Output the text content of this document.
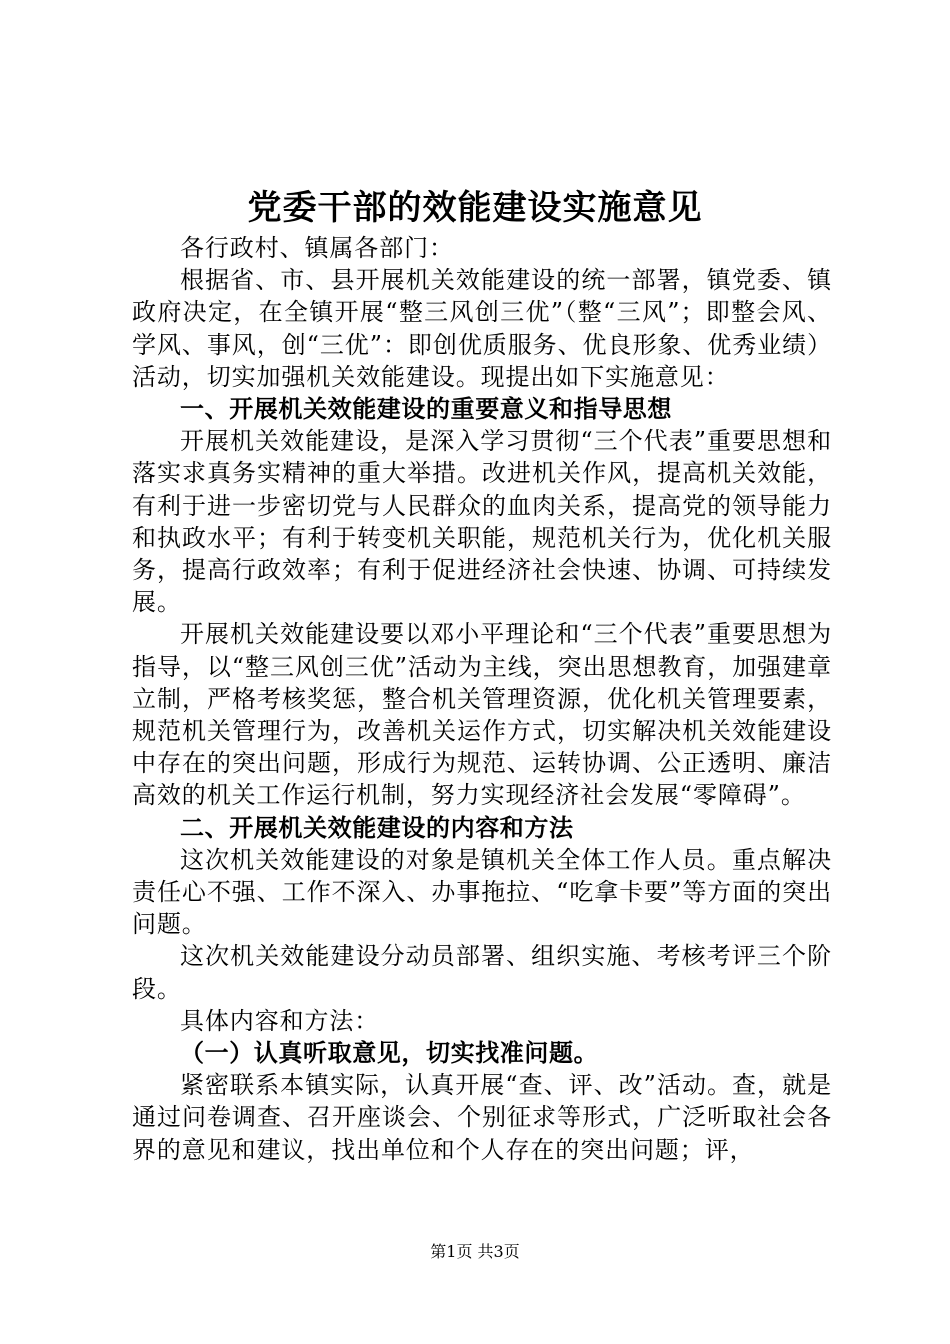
党委干部的效能建设实施意见

各行政村、镇属各部门：

根据省、市、县开展机关效能建设的统一部署，镇党委、镇政府决定，在全镇开展“整三风创三优”（整“三风”；即整会风、学风、事风，创“三优”：即创优质服务、优良形象、优秀业绩）活动，切实加强机关效能建设。现提出如下实施意见：

一、开展机关效能建设的重要意义和指导思想

开展机关效能建设，是深入学习贯彻“三个代表”重要思想和落实求真务实精神的重大举措。改进机关作风，提高机关效能，有利于进一步密切党与人民群众的血肉关系，提高党的领导能力和执政水平；有利于转变机关职能，规范机关行为，优化机关服务，提高行政效率；有利于促进经济社会快速、协调、可持续发展。

开展机关效能建设要以邓小平理论和“三个代表”重要思想为指导，以“整三风创三优”活动为主线，突出思想教育，加强建章立制，严格考核奖惩，整合机关管理资源，优化机关管理要素，规范机关管理行为，改善机关运作方式，切实解决机关效能建设中存在的突出问题，形成行为规范、运转协调、公正透明、廉洁高效的机关工作运行机制，努力实现经济社会发展“零障碍”。

二、开展机关效能建设的内容和方法

这次机关效能建设的对象是镇机关全体工作人员。重点解决责任心不强、工作不深入、办事拖拉、“吃拿卡要”等方面的突出问题。

这次机关效能建设分动员部署、组织实施、考核考评三个阶段。

具体内容和方法：

（一）认真听取意见，切实找准问题。

紧密联系本镇实际，认真开展“查、评、改”活动。查，就是通过问卷调查、召开座谈会、个别征求等形式，广泛听取社会各界的意见和建议，找出单位和个人存在的突出问题；评，

第1页 共3页
